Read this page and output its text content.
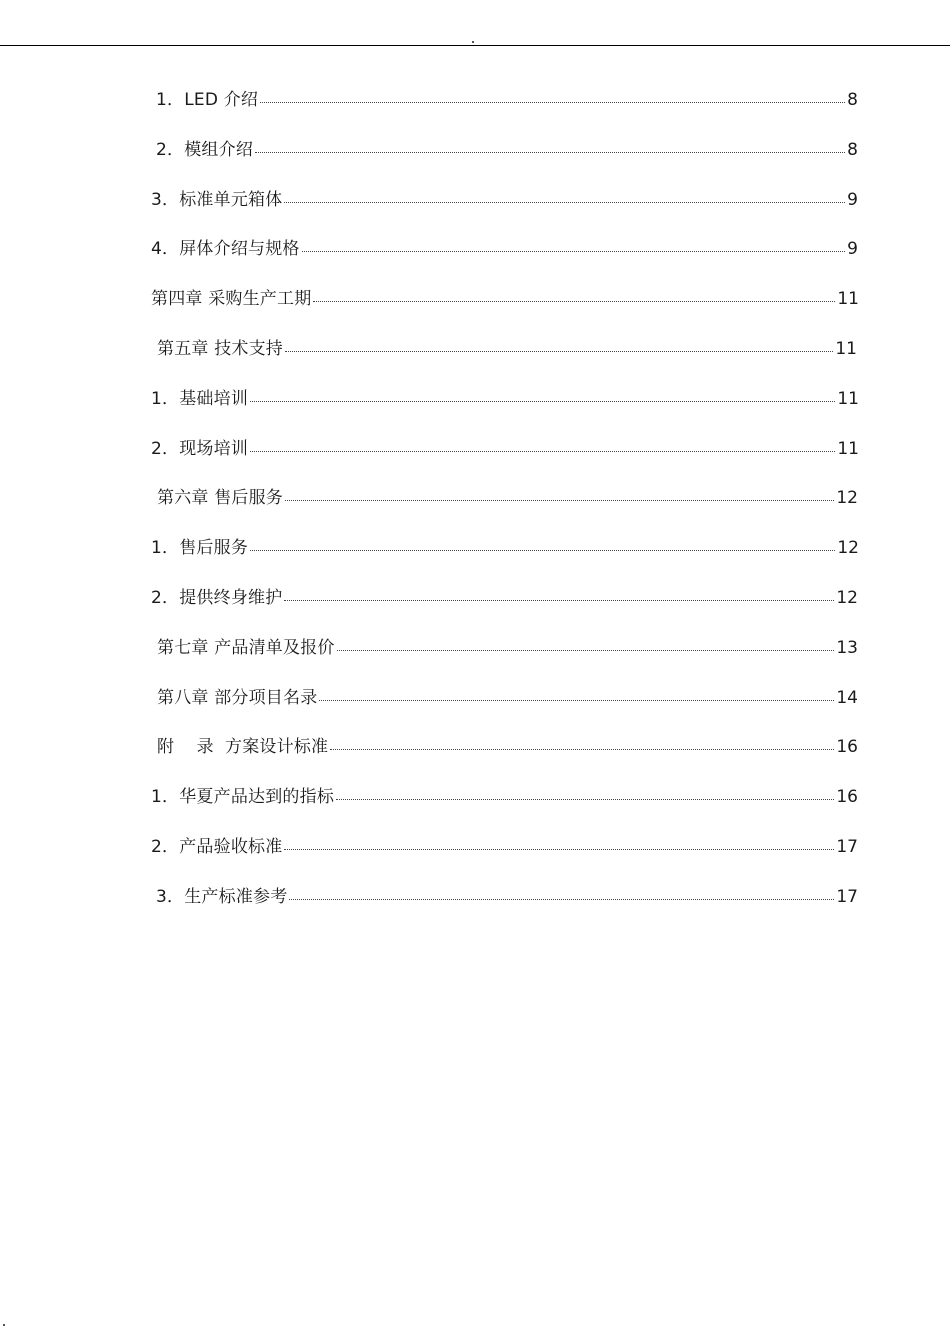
1．LED 介绍	8
2．模组介绍	8
3．标准单元箱体	9
4．屏体介绍与规格	9
第四章 采购生产工期	11
第五章 技术支持	11
1．基础培训	11
2．现场培训	11
第六章 售后服务	12
1．售后服务	12
2．提供终身维护	12
第七章 产品清单及报价	13
第八章 部分项目名录	14
附    录  方案设计标准	16
1．华夏产品达到的指标	16
2．产品验收标准	17
3．生产标准参考	17
